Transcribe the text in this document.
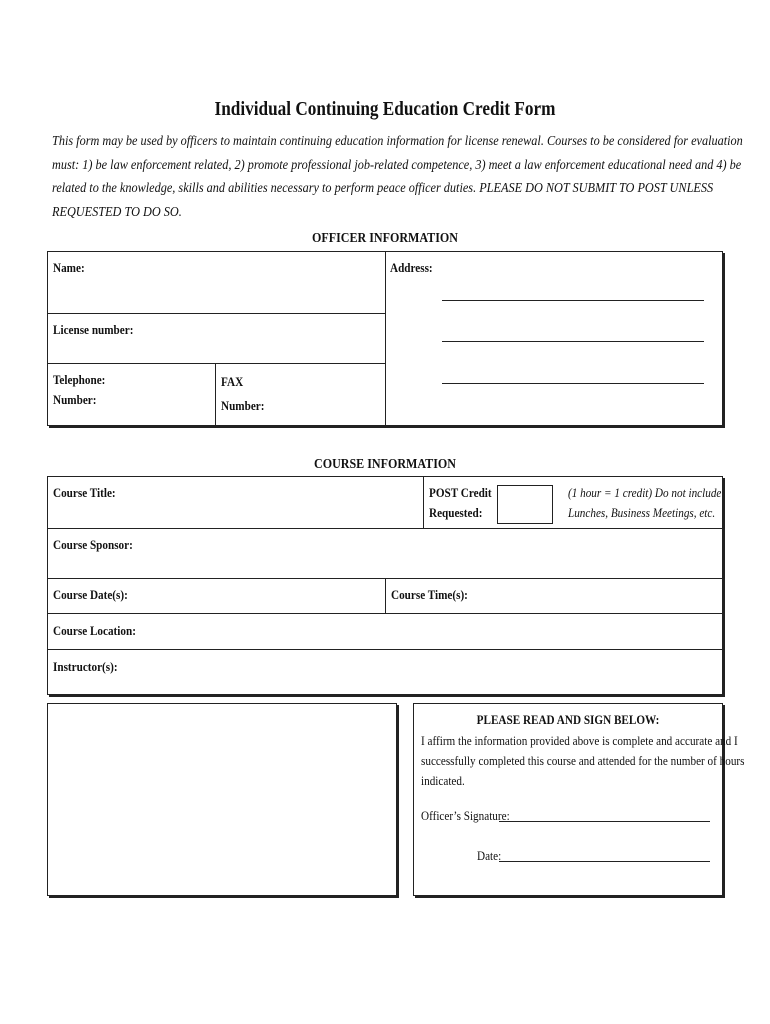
Individual Continuing Education Credit Form
This form may be used by officers to maintain continuing education information for license renewal. Courses to be considered for evaluation
must: 1) be law enforcement related, 2) promote professional job-related competence, 3) meet a law enforcement educational need and 4) be
related to the knowledge, skills and abilities necessary to perform peace officer duties. PLEASE DO NOT SUBMIT TO POST UNLESS
REQUESTED TO DO SO.
OFFICER INFORMATION
Name:	Address:
License number:
Telephone:
Number:
FAX
Number:
COURSE INFORMATION
Course Title:	POST Credit
Requested:
(1 hour = 1 credit) Do not include
Lunches, Business Meetings, etc.
Course Sponsor:
Course Date(s):	Course Time(s):
Course Location:
Instructor(s):
PLEASE READ AND SIGN BELOW:
I affirm the information provided above is complete and accurate and I
successfully completed this course and attended for the number of hours
indicated.
Officer’s Signature:
Date:
